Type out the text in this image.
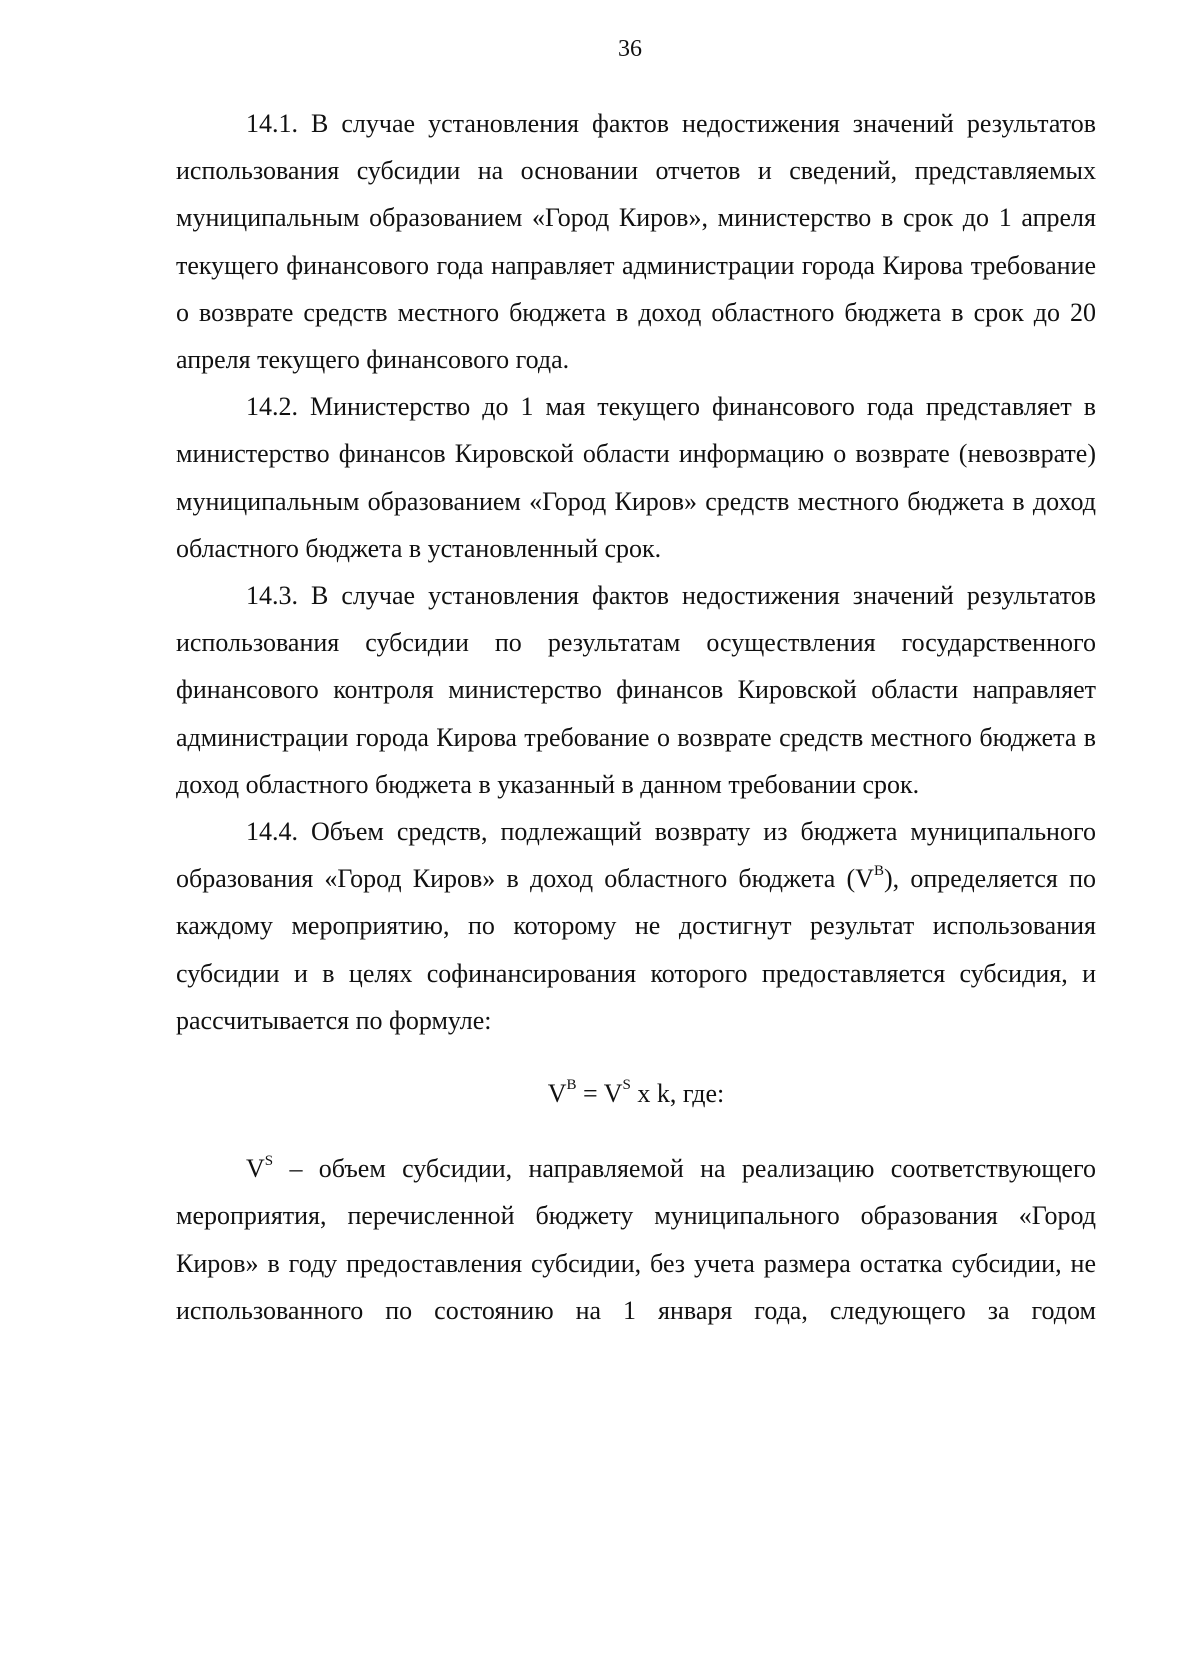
36

14.1. В случае установления фактов недостижения значений результатов использования субсидии на основании отчетов и сведений, представляемых муниципальным образованием «Город Киров», министерство в срок до 1 апреля текущего финансового года направляет администрации города Кирова требование о возврате средств местного бюджета в доход областного бюджета в срок до 20 апреля текущего финансового года.

14.2. Министерство до 1 мая текущего финансового года представляет в министерство финансов Кировской области информацию о возврате (невозврате) муниципальным образованием «Город Киров» средств местного бюджета в доход областного бюджета в установленный срок.

14.3. В случае установления фактов недостижения значений результатов использования субсидии по результатам осуществления государственного финансового контроля министерство финансов Кировской области направляет администрации города Кирова требование о возврате средств местного бюджета в доход областного бюджета в указанный в данном требовании срок.

14.4. Объем средств, подлежащий возврату из бюджета муниципального образования «Город Киров» в доход областного бюджета $(V^B)$, определяется по каждому мероприятию, по которому не достигнут результат использования субсидии и в целях софинансирования которого предоставляется субсидия, и рассчитывается по формуле:

$V^B = V^S$ x k, где:

$V^S$ – объем субсидии, направляемой на реализацию соответствующего мероприятия, перечисленной бюджету муниципального образования «Город Киров» в году предоставления субсидии, без учета размера остатка субсидии, не использованного по состоянию на 1 января года, следующего за годом
